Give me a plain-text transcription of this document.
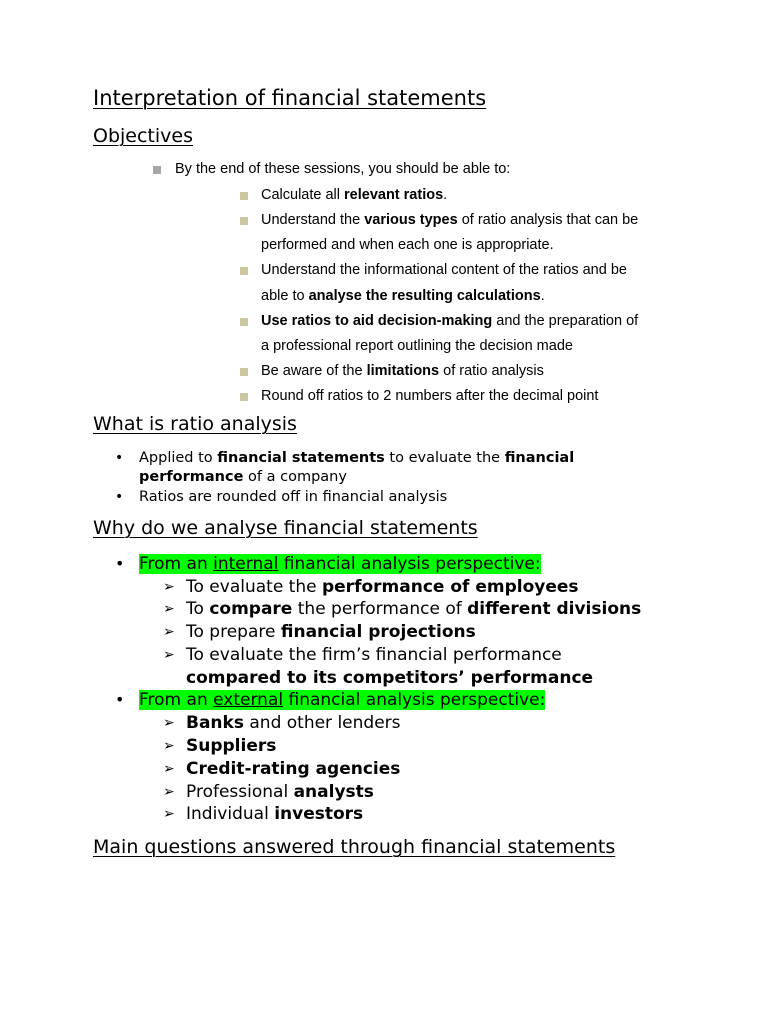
Interpretation of financial statements
Objectives
By the end of these sessions, you should be able to:
Calculate all relevant ratios.
Understand the various types of ratio analysis that can be
performed and when each one is appropriate.
Understand the informational content of the ratios and be
able to analyse the resulting calculations.
Use ratios to aid decision-making and the preparation of
a professional report outlining the decision made
Be aware of the limitations of ratio analysis
Round off ratios to 2 numbers after the decimal point
What is ratio analysis
• Applied to financial statements to evaluate the financial
performance of a company
• Ratios are rounded off in financial analysis
Why do we analyse financial statements
• From an internal financial analysis perspective:
➢ To evaluate the performance of employees
➢ To compare the performance of different divisions
➢ To prepare financial projections
➢ To evaluate the firm’s financial performance
compared to its competitors’ performance
• From an external financial analysis perspective:
➢ Banks and other lenders
➢ Suppliers
➢ Credit-rating agencies
➢ Professional analysts
➢ Individual investors
Main questions answered through financial statements
